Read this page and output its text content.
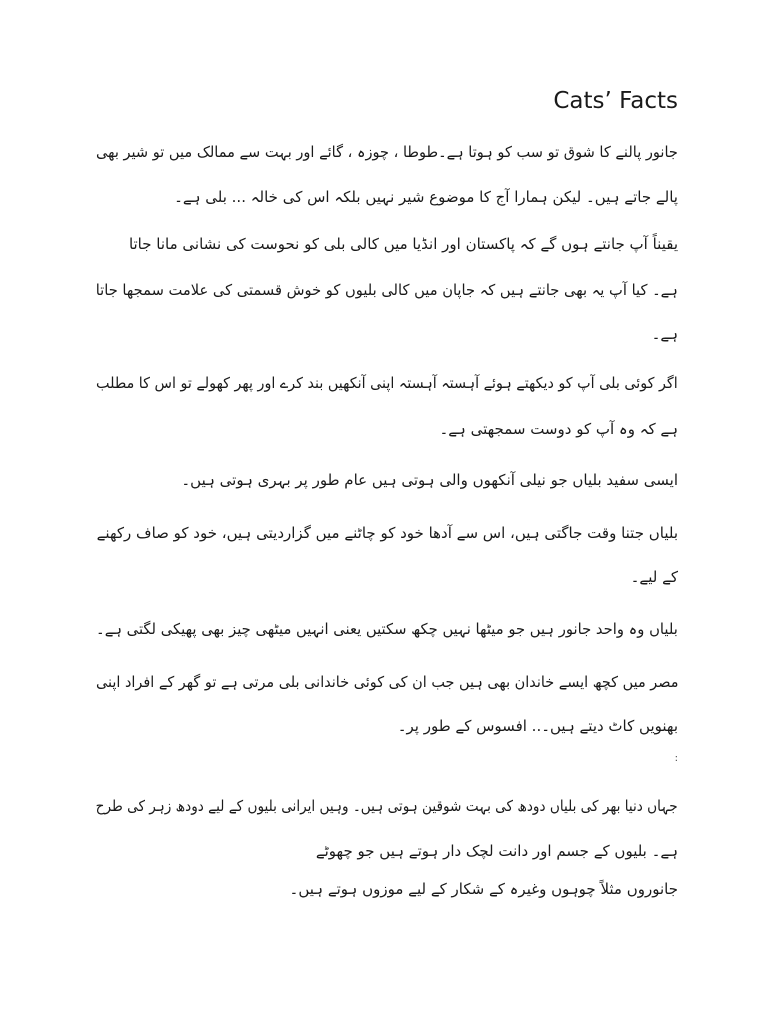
Cats’ Facts
جانور پالنے کا شوق تو سب کو ہوتا ہے۔طوطا ، چوزہ ، گائے اور بہت سے ممالک میں تو شیر بھی
پالے جاتے ہیں۔ لیکن ہمارا آج کا موضوع شیر نہیں بلکہ اس کی خالہ ... بلی ہے۔
یقیناً آپ جانتے ہوں گے کہ پاکستان اور انڈیا میں کالی بلی کو نحوست کی نشانی مانا جاتا
ہے۔ کیا آپ یہ بھی جانتے ہیں کہ جاپان میں کالی بلیوں کو خوش قسمتی کی علامت سمجھا جاتا
ہے۔
اگر کوئی بلی آپ کو دیکھتے ہوئے آہستہ آہستہ اپنی آنکھیں بند کرے اور پھر کھولے تو اس کا مطلب
ہے کہ وہ آپ کو دوست سمجھتی ہے۔
ایسی سفید بلیاں جو نیلی آنکھوں والی ہوتی ہیں عام طور پر بہری ہوتی ہیں۔
بلیاں جتنا وقت جاگتی ہیں، اس سے آدھا خود کو چاٹنے میں گزاردیتی ہیں، خود کو صاف رکھنے
کے لیے۔
بلیاں وہ واحد جانور ہیں جو میٹھا نہیں چکھ سکتیں یعنی انہیں میٹھی چیز بھی پھیکی لگتی ہے۔
مصر میں کچھ ایسے خاندان بھی ہیں جب ان کی کوئی خاندانی بلی مرتی ہے تو گھر کے افراد اپنی
بھنویں کاٹ دیتے ہیں۔.. افسوس کے طور پر۔
:
جہاں دنیا بھر کی بلیاں دودھ کی بہت شوقین ہوتی ہیں۔ وہیں ایرانی بلیوں کے لیے دودھ زہر کی طرح
ہے۔ بلیوں کے جسم اور دانت لچک دار ہوتے ہیں جو چھوٹے
جانوروں مثلاً چوہوں وغیرہ کے شکار کے لیے موزوں ہوتے ہیں۔
